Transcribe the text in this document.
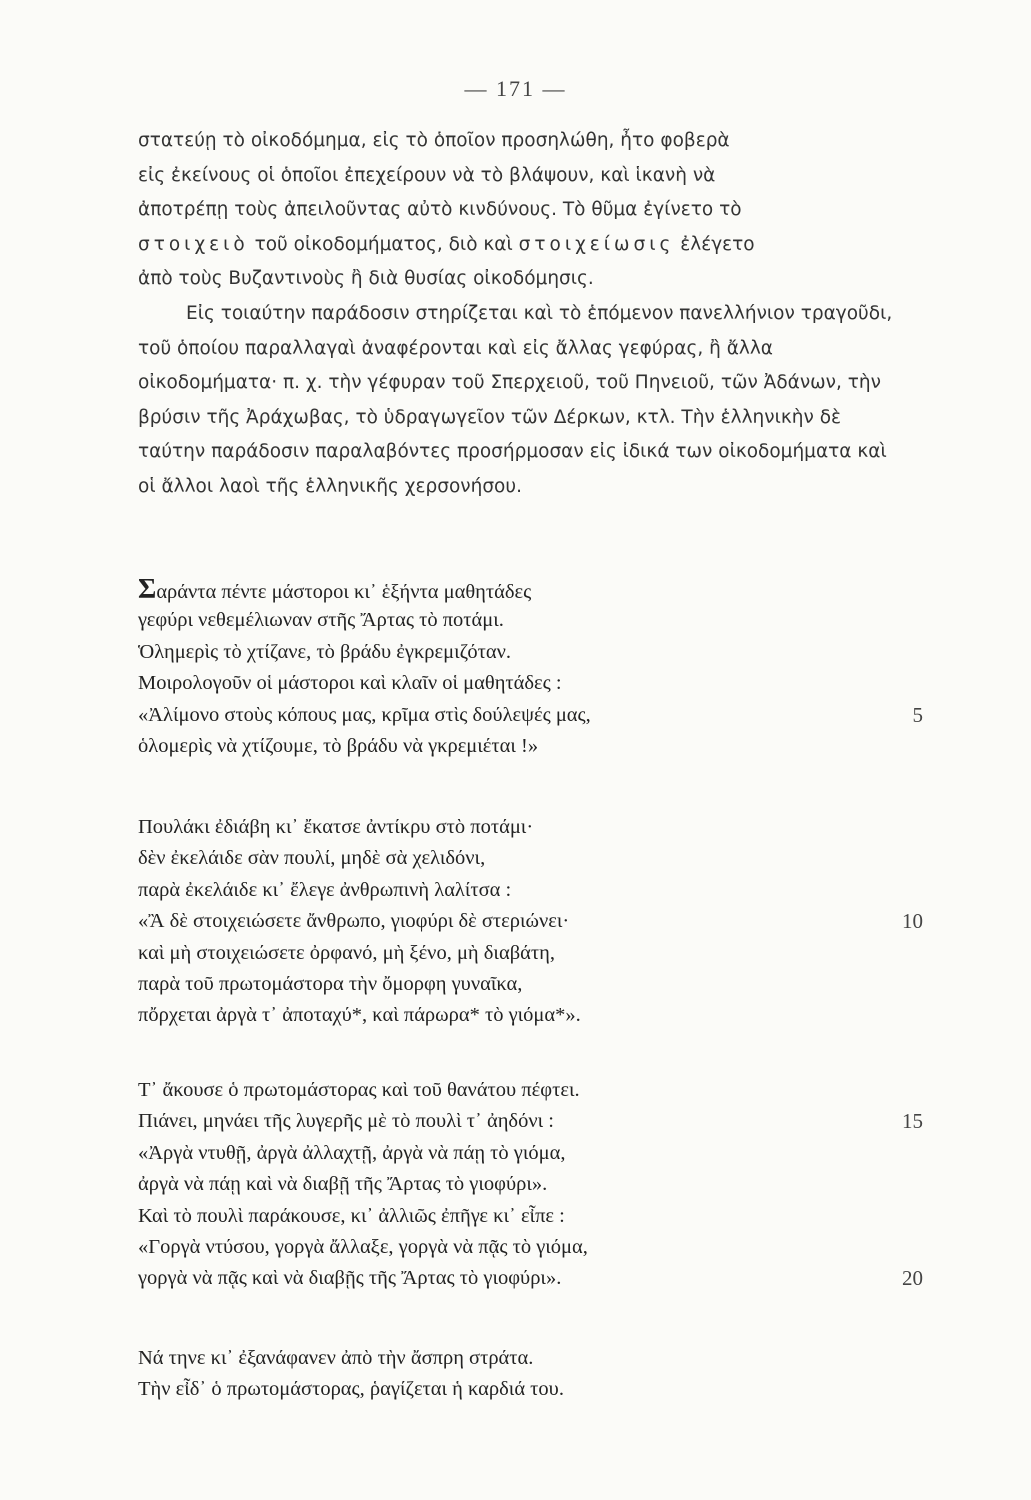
— 171 —

στατεύῃ τὸ οἰκοδόμημα, εἰς τὸ ὁποῖον προσηλώθη, ἦτο φοβερὰ
εἰς ἐκείνους οἱ ὁποῖοι ἐπεχείρουν νὰ τὸ βλάψουν, καὶ ἱκανὴ νὰ
ἀποτρέπῃ τοὺς ἀπειλοῦντας αὐτὸ κινδύνους. Τὸ θῦμα ἐγίνετο τὸ
στοιχειὸ τοῦ οἰκοδομήματος, διὸ καὶ στοιχείωσις ἐλέγετο
ἀπὸ τοὺς Βυζαντινοὺς ἢ διὰ θυσίας οἰκοδόμησις.

Εἰς τοιαύτην παράδοσιν στηρίζεται καὶ τὸ ἑπόμενον πανελλήνιον τραγοῦδι, τοῦ ὁποίου παραλλαγαὶ ἀναφέρονται καὶ εἰς ἄλλας γεφύρας, ἢ ἄλλα οἰκοδομήματα· π. χ. τὴν γέφυραν τοῦ Σπερχειοῦ, τοῦ Πηνειοῦ, τῶν Ἀδάνων, τὴν βρύσιν τῆς Ἀράχωβας, τὸ ὑδραγωγεῖον τῶν Δέρκων, κτλ. Τὴν ἑλληνικὴν δὲ ταύτην παράδοσιν παραλαβόντες προσήρμοσαν εἰς ἰδικά των οἰκοδομήματα καὶ οἱ ἄλλοι λαοὶ τῆς ἑλληνικῆς χερσονήσου.

Σαράντα πέντε μάστοροι κι᾽ ἑξήντα μαθητάδες
γεφύρι νεθεμέλιωναν στῆς Ἄρτας τὸ ποτάμι.
Ὁλημερὶς τὸ χτίζανε, τὸ βράδυ ἐγκρεμιζόταν.
Μοιρολογοῦν οἱ μάστοροι καὶ κλαῖν οἱ μαθητάδες :
«Ἀλίμονο στοὺς κόπους μας, κρῖμα στὶς δούλεψές μας,	5
ὁλομερὶς νὰ χτίζουμε, τὸ βράδυ νὰ γκρεμιέται !»
Πουλάκι ἐδιάβη κι᾽ ἔκατσε ἀντίκρυ στὸ ποτάμι·
δὲν ἐκελάιδε σὰν πουλί, μηδὲ σὰ χελιδόνι,
παρὰ ἐκελάιδε κι᾽ ἔλεγε ἀνθρωπινὴ λαλίτσα :
«Ἂ δὲ στοιχειώσετε ἄνθρωπο, γιοφύρι δὲ στεριώνει·	10
καὶ μὴ στοιχειώσετε ὀρφανό, μὴ ξένο, μὴ διαβάτη,
παρὰ τοῦ πρωτομάστορα τὴν ὄμορφη γυναῖκα,
πὄρχεται ἀργὰ τ᾽ ἀποταχύ*, καὶ πάρωρα* τὸ γιόμα*».
Τ᾽ ἄκουσε ὁ πρωτομάστορας καὶ τοῦ θανάτου πέφτει.
Πιάνει, μηνάει τῆς λυγερῆς μὲ τὸ πουλὶ τ᾽ ἀηδόνι :	15
«Ἀργὰ ντυθῇ, ἀργὰ ἀλλαχτῇ, ἀργὰ νὰ πάῃ τὸ γιόμα,
ἀργὰ νὰ πάῃ καὶ νὰ διαβῇ τῆς Ἄρτας τὸ γιοφύρι».
Καὶ τὸ πουλὶ παράκουσε, κι᾽ ἀλλιῶς ἐπῆγε κι᾽ εἶπε :
«Γοργὰ ντύσου, γοργὰ ἄλλαξε, γοργὰ νὰ πᾷς τὸ γιόμα,
γοργὰ νὰ πᾷς καὶ νὰ διαβῇς τῆς Ἄρτας τὸ γιοφύρι».	20
Νά τηνε κι᾽ ἐξανάφανεν ἀπὸ τὴν ἄσπρη στράτα.
Τὴν εἶδ᾽ ὁ πρωτομάστορας, ῥαγίζεται ἡ καρδιά του.
